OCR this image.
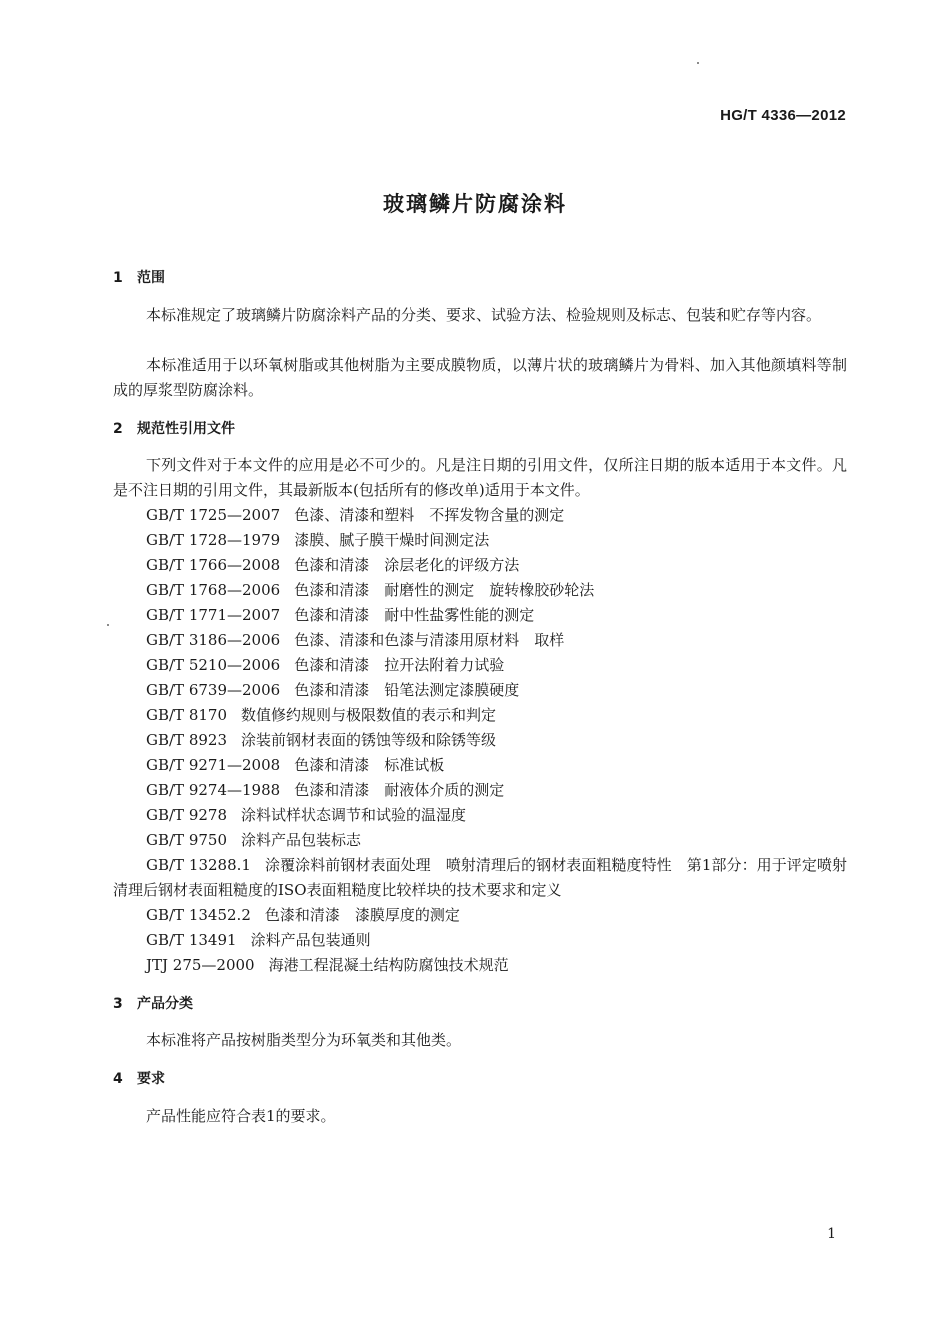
HG/T 4336—2012
玻璃鳞片防腐涂料
1 范围

本标准规定了玻璃鳞片防腐涂料产品的分类、要求、试验方法、检验规则及标志、包装和贮存等内容。

本标准适用于以环氧树脂或其他树脂为主要成膜物质，以薄片状的玻璃鳞片为骨料、加入其他颜填料等制成的厚浆型防腐涂料。

2 规范性引用文件

下列文件对于本文件的应用是必不可少的。凡是注日期的引用文件，仅所注日期的版本适用于本文件。凡是不注日期的引用文件，其最新版本(包括所有的修改单)适用于本文件。

GB/T 1725—2007 色漆、清漆和塑料　不挥发物含量的测定
GB/T 1728—1979 漆膜、腻子膜干燥时间测定法
GB/T 1766—2008 色漆和清漆　涂层老化的评级方法
GB/T 1768—2006 色漆和清漆　耐磨性的测定　旋转橡胶砂轮法
GB/T 1771—2007 色漆和清漆　耐中性盐雾性能的测定
GB/T 3186—2006 色漆、清漆和色漆与清漆用原材料　取样
GB/T 5210—2006 色漆和清漆　拉开法附着力试验
GB/T 6739—2006 色漆和清漆　铅笔法测定漆膜硬度
GB/T 8170 数值修约规则与极限数值的表示和判定
GB/T 8923 涂装前钢材表面的锈蚀等级和除锈等级
GB/T 9271—2008 色漆和清漆　标准试板
GB/T 9274—1988 色漆和清漆　耐液体介质的测定
GB/T 9278 涂料试样状态调节和试验的温湿度
GB/T 9750 涂料产品包装标志
GB/T 13288.1 涂覆涂料前钢材表面处理　喷射清理后的钢材表面粗糙度特性　第1部分：用于评定喷射清理后钢材表面粗糙度的ISO表面粗糙度比较样块的技术要求和定义
GB/T 13452.2 色漆和清漆　漆膜厚度的测定
GB/T 13491 涂料产品包装通则
JTJ 275—2000 海港工程混凝土结构防腐蚀技术规范
3 产品分类

本标准将产品按树脂类型分为环氧类和其他类。

4 要求

产品性能应符合表1的要求。

1
